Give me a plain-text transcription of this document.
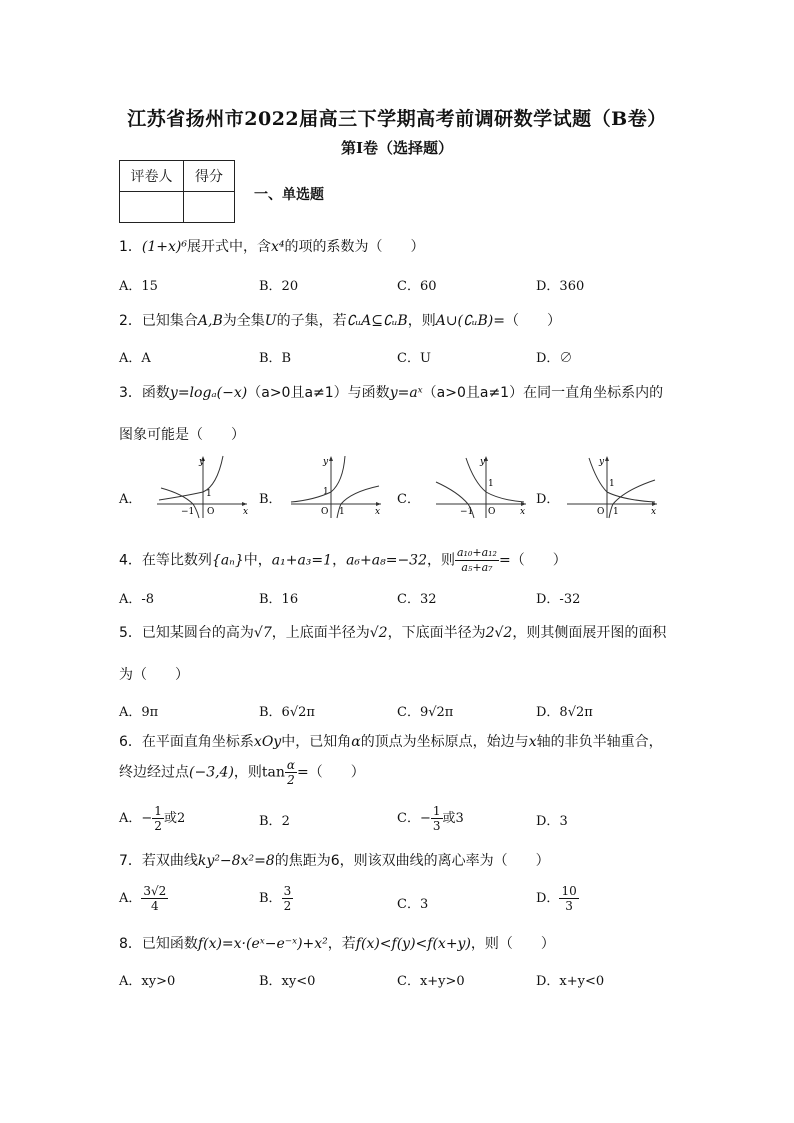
江苏省扬州市2022届高三下学期高考前调研数学试题（B卷）
第I卷（选择题）
评卷人	得分

一、单选题
1．(1+x)⁶展开式中，含x⁴的项的系数为（　　）
A．15	B．20	C．60	D．360
2．已知集合A,B为全集U的子集，若∁ᵤA⊆∁ᵤB，则A∪(∁ᵤB)=（　　）
A．A	B．B	C．U	D．∅
3．函数y=logₐ(−x)（a>0且a≠1）与函数y=aˣ（a>0且a≠1）在同一直角坐标系内的
图象可能是（　　）
A．	B．	C．	D．
y
x
1
−1 O
y
x
1
O 1
y
x
1
−1 O
y
x
1
O 1
4．在等比数列{aₙ}中，a₁+a₃=1，a₆+a₈=−32，则 $\frac{\text{a₁₀+a₁₂}}{\text{a₅+a₇}}$ =（　　）
A．-8	B．16	C．32	D．-32
5．已知某圆台的高为√7，上底面半径为√2，下底面半径为2√2，则其侧面展开图的面积
为（　　）
A．9π	B．6√2π	C．9√2π	D．8√2π
6．在平面直角坐标系xOy中，已知角α的顶点为坐标原点，始边与x轴的非负半轴重合，
终边经过点(−3,4)，则$\tan \frac{\alpha}{2}$ =（　　）
A．− $\frac{1}{2}$ 或2	B．2	C．− $\frac{1}{3}$ 或3	D．3
7．若双曲线ky²−8x²=8的焦距为6，则该双曲线的离心率为（　　）
A． $\frac{3√2}{4}$	B． $\frac{3}{2}$	C．3	D． $\frac{10}{3}$
8．已知函数f(x)=x·(eˣ−e⁻ˣ)+x²，若f(x)<f(y)<f(x+y)，则（　　）
A．xy>0	B．xy<0	C．x+y>0	D．x+y<0
